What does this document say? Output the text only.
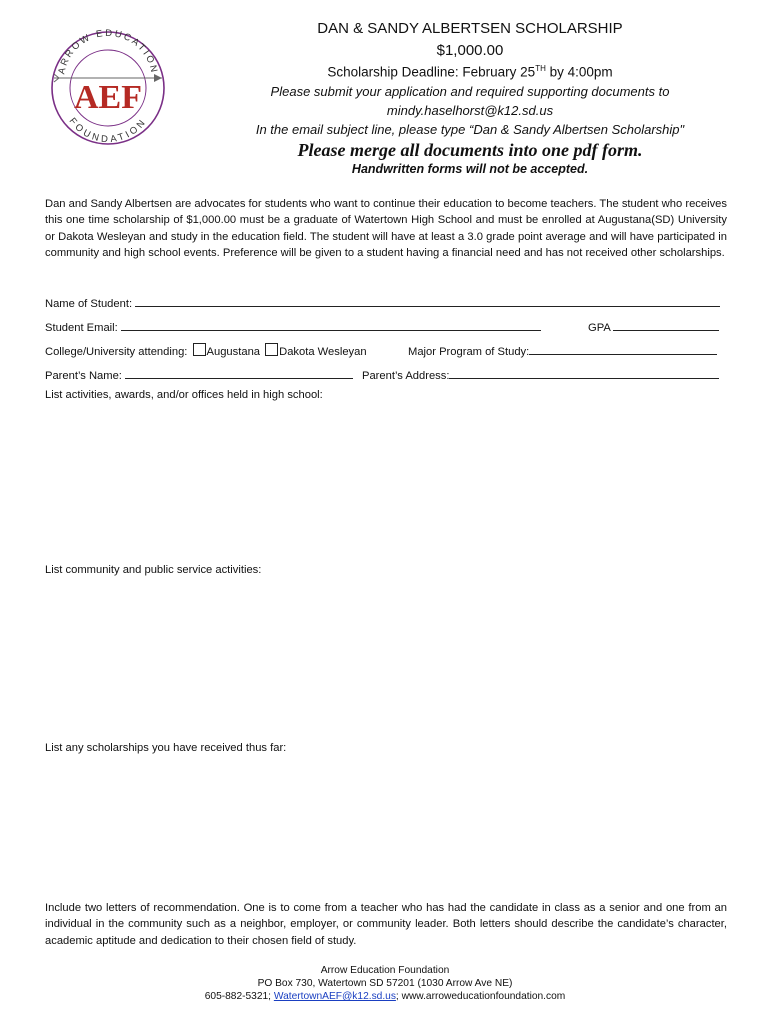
ARROW EDUCATION
FOUNDATION
AEF
DAN & SANDY ALBERTSEN SCHOLARSHIP
$1,000.00
Scholarship Deadline: February 25TH by 4:00pm
Please submit your application and required supporting documents to
mindy.haselhorst@k12.sd.us
In the email subject line, please type “Dan & Sandy Albertsen Scholarship"
Please merge all documents into one pdf form.
Handwritten forms will not be accepted.
Dan and Sandy Albertsen are advocates for students who want to continue their education to become teachers. The student who receives this one time scholarship of $1,000.00 must be a graduate of Watertown High School and must be enrolled at Augustana(SD) University or Dakota Wesleyan and study in the education field. The student will have at least a 3.0 grade point average and will have participated in community and high school events. Preference will be given to a student having a financial need and has not received other scholarships.
Name of Student:
Student Email:	GPA
College/University attending: Augustana Dakota Wesleyan	Major Program of Study:
Parent’s Name:	Parent’s Address:
List activities, awards, and/or offices held in high school:
List community and public service activities:
List any scholarships you have received thus far:
Include two letters of recommendation. One is to come from a teacher who has had the candidate in class as a senior and one from an individual in the community such as a neighbor, employer, or community leader. Both letters should describe the candidate’s character, academic aptitude and dedication to their chosen field of study.
Arrow Education Foundation
PO Box 730, Watertown SD 57201 (1030 Arrow Ave NE)
605-882-5321; WatertownAEF@k12.sd.us; www.arroweducationfoundation.com
